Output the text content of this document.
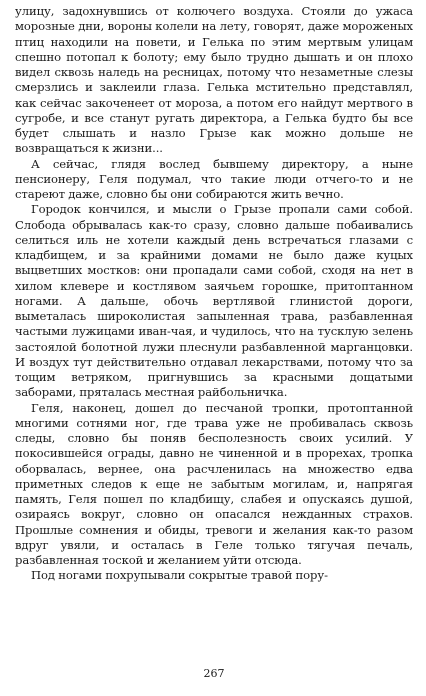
улицу, задохнувшись от колючего воздуха. Стояли до ужаса морозные дни, вороны колели на лету, говорят, даже мороженых птиц находили на повети, и Гелька по этим мертвым улицам спешно потопал к болоту; ему было трудно дышать и он плохо видел сквозь наледь на ресницах, потому что незаметные слезы смерзлись и заклеили глаза. Гелька мстительно представлял, как сейчас закоченеет от мороза, а потом его найдут мертвого в сугробе, и все станут ругать директора, а Гелька будто бы все будет слышать и назло Грызе как можно дольше не возвращаться к жизни...

А сейчас, глядя вослед бывшему директору, а ныне пенсионеру, Геля подумал, что такие люди отчего-то и не стареют даже, словно бы они собираются жить вечно.

Городок кончился, и мысли о Грызе пропали сами собой. Слобода обрывалась как-то сразу, словно дальше побаивались селиться иль не хотели каждый день встречаться глазами с кладбищем, и за крайними домами не было даже куцых выцветших мостков: они пропадали сами собой, сходя на нет в хилом клевере и костлявом заячьем горошке, притоптанном ногами. А дальше, обочь вертлявой глинистой дороги, выметалась широколистая запыленная трава, разбавленная частыми лужицами иван-чая, и чудилось, что на тусклую зелень застоялой болотной лужи плеснули разбавленной марганцовки. И воздух тут действительно отдавал лекарствами, потому что за тощим ветряком, пригнувшись за красными дощатыми заборами, пряталась местная райбольничка.

Геля, наконец, дошел до песчаной тропки, протоптанной многими сотнями ног, где трава уже не пробивалась сквозь следы, словно бы поняв бесполезность своих усилий. У покосившейся ограды, давно не чиненной и в прорехах, тропка оборвалась, вернее, она расчленилась на множество едва приметных следов к еще не забытым могилам, и, напрягая память, Геля пошел по кладбищу, слабея и опускаясь душой, озираясь вокруг, словно он опасался нежданных страхов. Прошлые сомнения и обиды, тревоги и желания как-то разом вдруг увяли, и осталась в Геле только тягучая печаль, разбавленная тоской и желанием уйти отсюда.

Под ногами похрупывали сокрытые травой пору-

267
